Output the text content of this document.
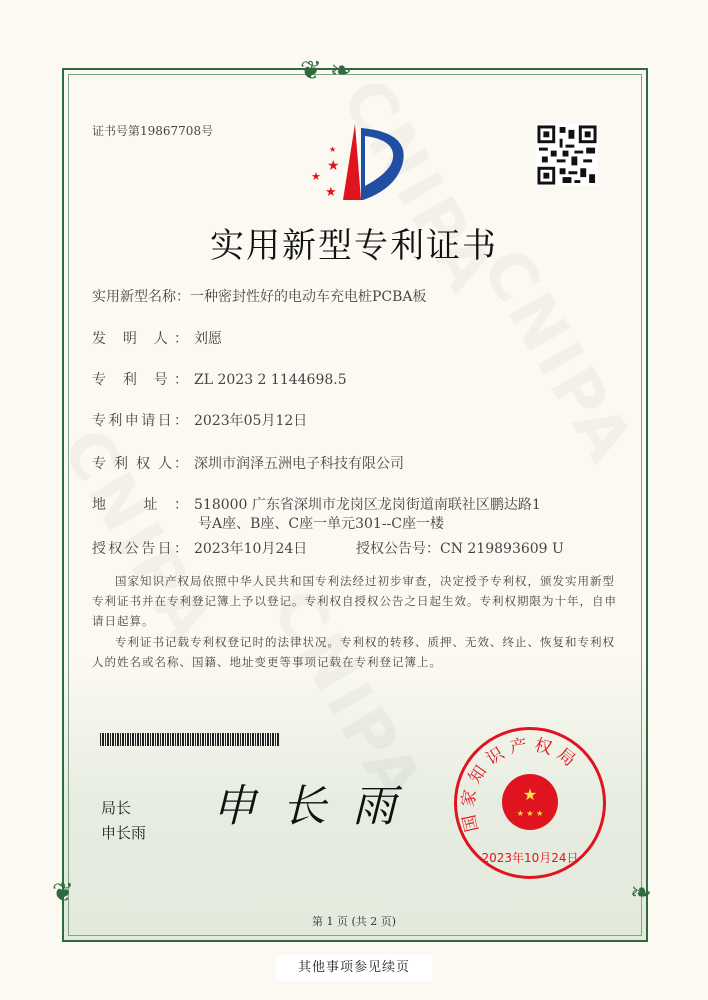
❦ ❧
❦	❧
证书号第19867708号
★
★
★
★
实用新型专利证书
实用新型名称：一种密封性好的电动车充电桩PCBA板
发 明 人： 刘愿
专 利 号： ZL 2023 2 1144698.5
专利申请日： 2023年05月12日
专 利 权 人： 深圳市润泽五洲电子科技有限公司
地 址： 518000 广东省深圳市龙岗区龙岗街道南联社区鹏达路1
号A座、B座、C座一单元301--C座一楼
授权公告日： 2023年10月24日	授权公告号：CN 219893609 U
国家知识产权局依照中华人民共和国专利法经过初步审查，决定授予专利权，颁发实用新型专利证书并在专利登记簿上予以登记。专利权自授权公告之日起生效。专利权期限为十年，自申请日起算。
专利证书记载专利权登记时的法律状况。专利权的转移、质押、无效、终止、恢复和专利权人的姓名或名称、国籍、地址变更等事项记载在专利登记簿上。
局长
申长雨
申 长 雨	国家知识产权局
★
★ ★ ★
2023年10月24日
第 1 页 (共 2 页)
其他事项参见续页
